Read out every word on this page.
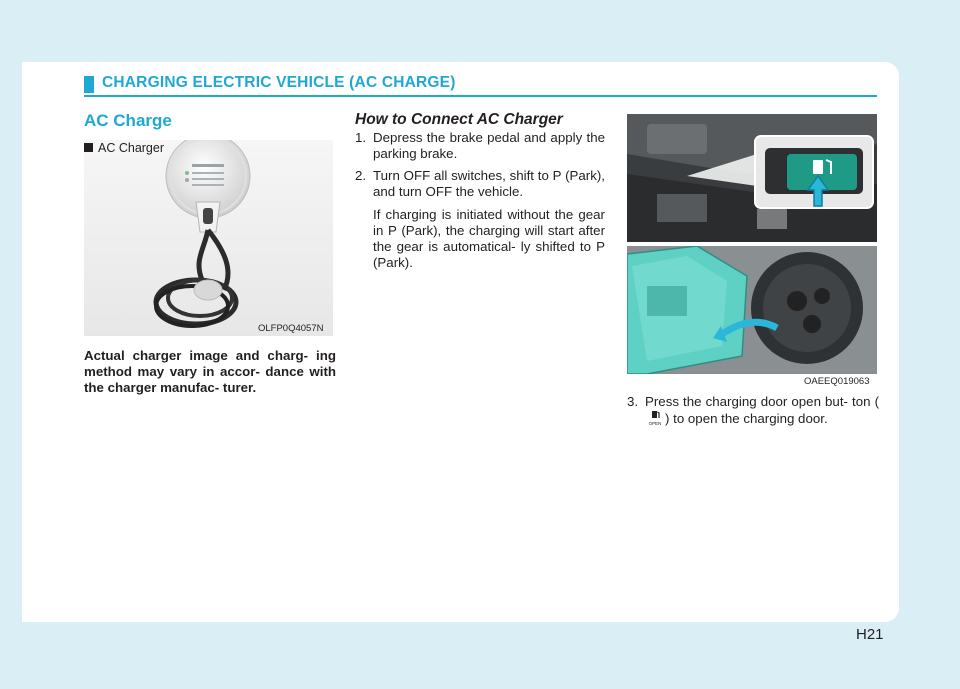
CHARGING ELECTRIC VEHICLE (AC CHARGE)
AC Charge
AC Charger
OLFP0Q4057N
Actual charger image and charg- ing method may vary in accor- dance with the charger manufac- turer.
How to Connect AC Charger
1. Depress the brake pedal and apply the parking brake.
2. Turn OFF all switches, shift to P (Park), and turn OFF the vehicle.
If charging is initiated without the gear in P (Park), the charging will start after the gear is automatical- ly shifted to P (Park).
OAEEQ019063
3. Press the charging door open but- ton (
OPEN ) to open the charging door.
H21
